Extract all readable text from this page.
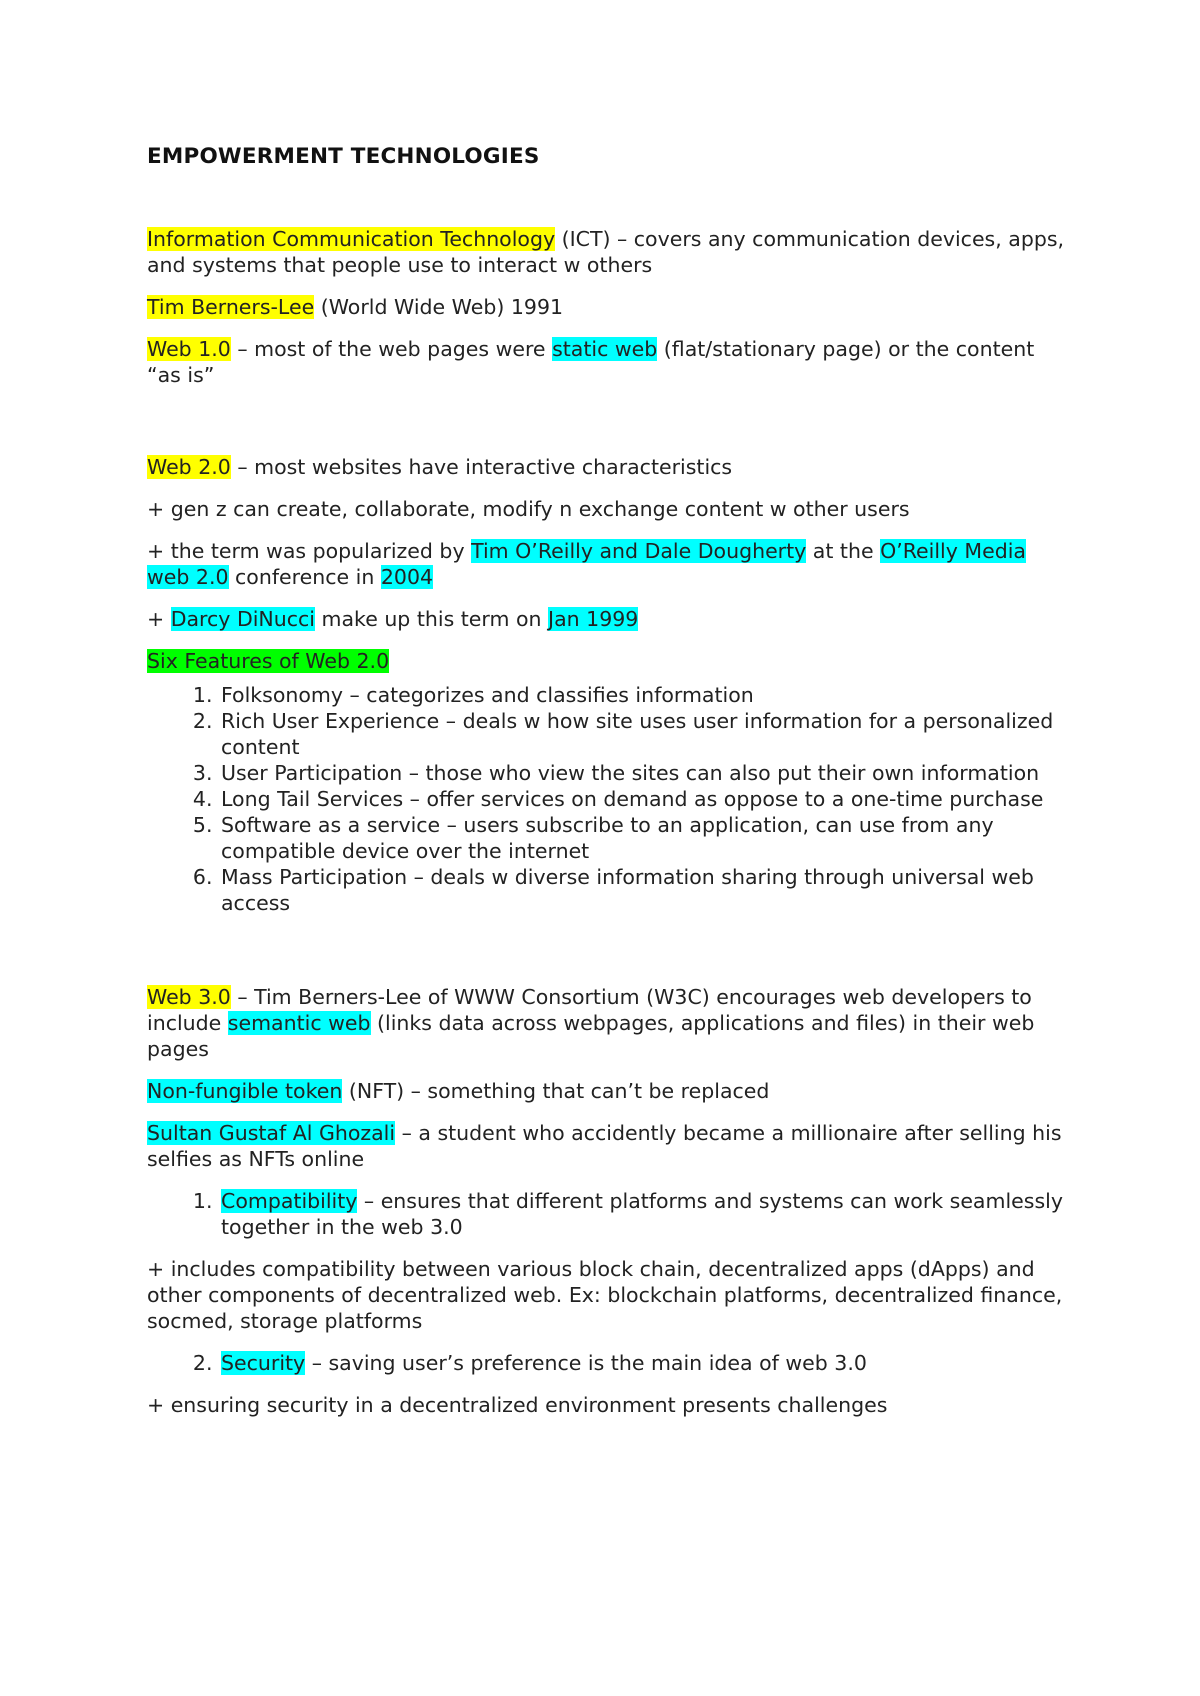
EMPOWERMENT TECHNOLOGIES

Information Communication Technology (ICT) – covers any communication devices, apps, and systems that people use to interact w others

Tim Berners-Lee (World Wide Web) 1991

Web 1.0 – most of the web pages were static web (flat/stationary page) or the content “as is”

Web 2.0 – most websites have interactive characteristics

+ gen z can create, collaborate, modify n exchange content w other users

+ the term was popularized by Tim O’Reilly and Dale Dougherty at the O’Reilly Media web 2.0 conference in 2004

+ Darcy DiNucci make up this term on Jan 1999

Six Features of Web 2.0

1. Folksonomy – categorizes and classifies information
2. Rich User Experience – deals w how site uses user information for a personalized content
3. User Participation – those who view the sites can also put their own information
4. Long Tail Services – offer services on demand as oppose to a one-time purchase
5. Software as a service – users subscribe to an application, can use from any compatible device over the internet
6. Mass Participation – deals w diverse information sharing through universal web access

Web 3.0 – Tim Berners-Lee of WWW Consortium (W3C) encourages web developers to include semantic web (links data across webpages, applications and files) in their web pages

Non-fungible token (NFT) – something that can’t be replaced

Sultan Gustaf Al Ghozali – a student who accidently became a millionaire after selling his selfies as NFTs online

1. Compatibility – ensures that different platforms and systems can work seamlessly together in the web 3.0

+ includes compatibility between various block chain, decentralized apps (dApps) and other components of decentralized web. Ex: blockchain platforms, decentralized finance, socmed, storage platforms

2. Security – saving user’s preference is the main idea of web 3.0

+ ensuring security in a decentralized environment presents challenges
